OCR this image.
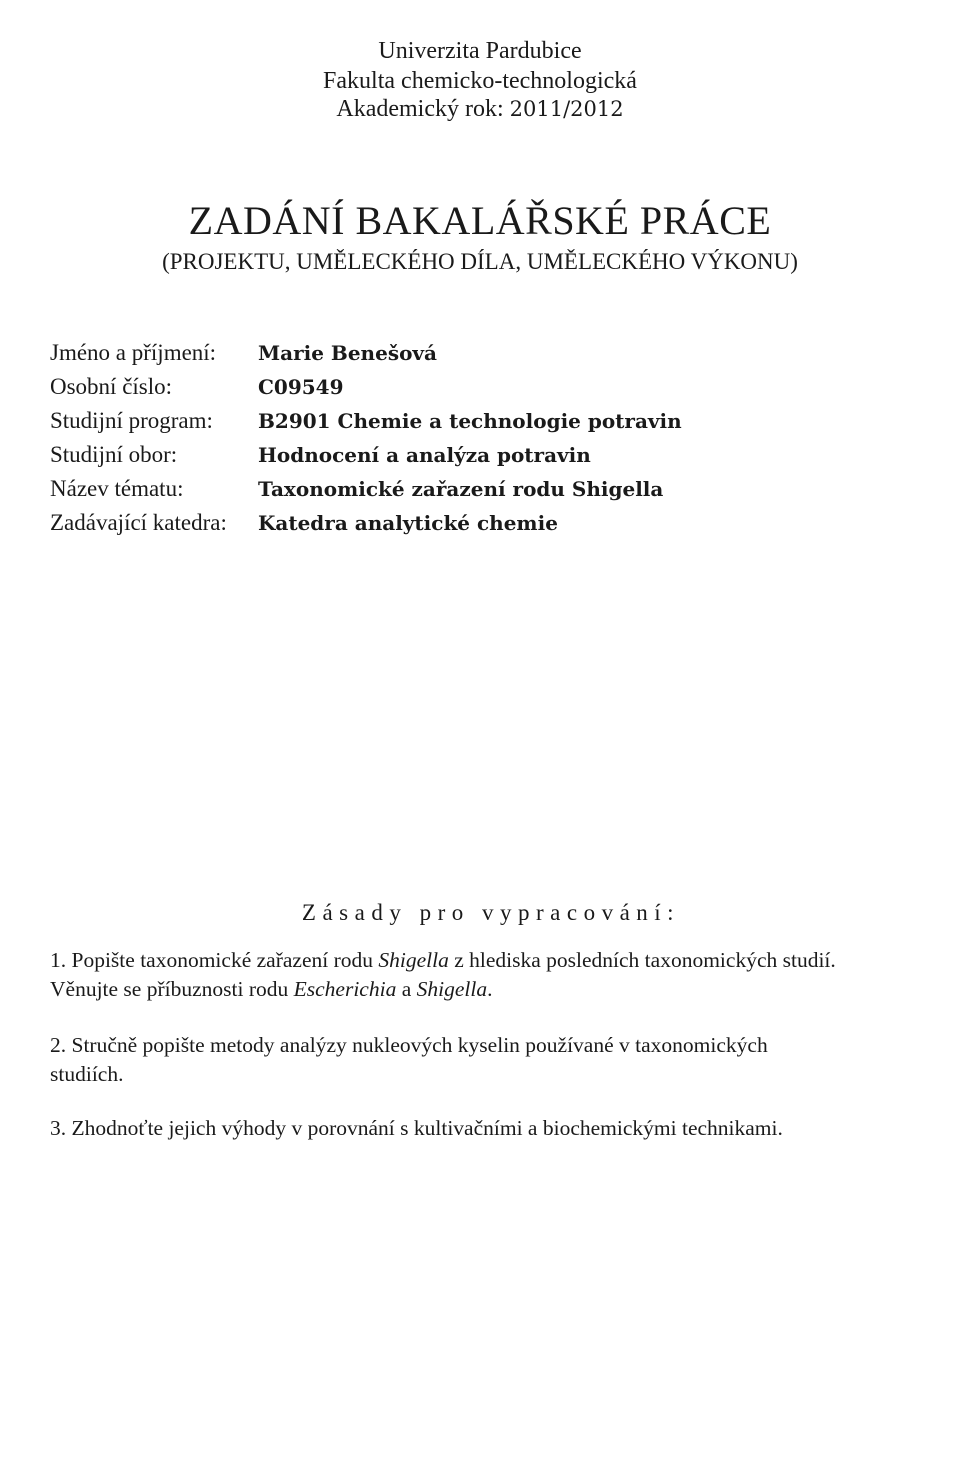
Univerzita Pardubice
Fakulta chemicko-technologická
Akademický rok: 2011/2012
ZADÁNÍ BAKALÁŘSKÉ PRÁCE
(PROJEKTU, UMĚLECKÉHO DÍLA, UMĚLECKÉHO VÝKONU)
Jméno a příjmení:	Marie Benešová
Osobní číslo:	C09549
Studijní program:	B2901 Chemie a technologie potravin
Studijní obor:	Hodnocení a analýza potravin
Název tématu:	Taxonomické zařazení rodu Shigella
Zadávající katedra:	Katedra analytické chemie
Zásady pro vypracování:

1. Popište taxonomické zařazení rodu Shigella z hlediska posledních taxonomických studií.

Věnujte se příbuznosti rodu Escherichia a Shigella.

2. Stručně popište metody analýzy nukleových kyselin používané v taxonomických

studiích.

3. Zhodnoťte jejich výhody v porovnání s kultivačními a biochemickými technikami.
